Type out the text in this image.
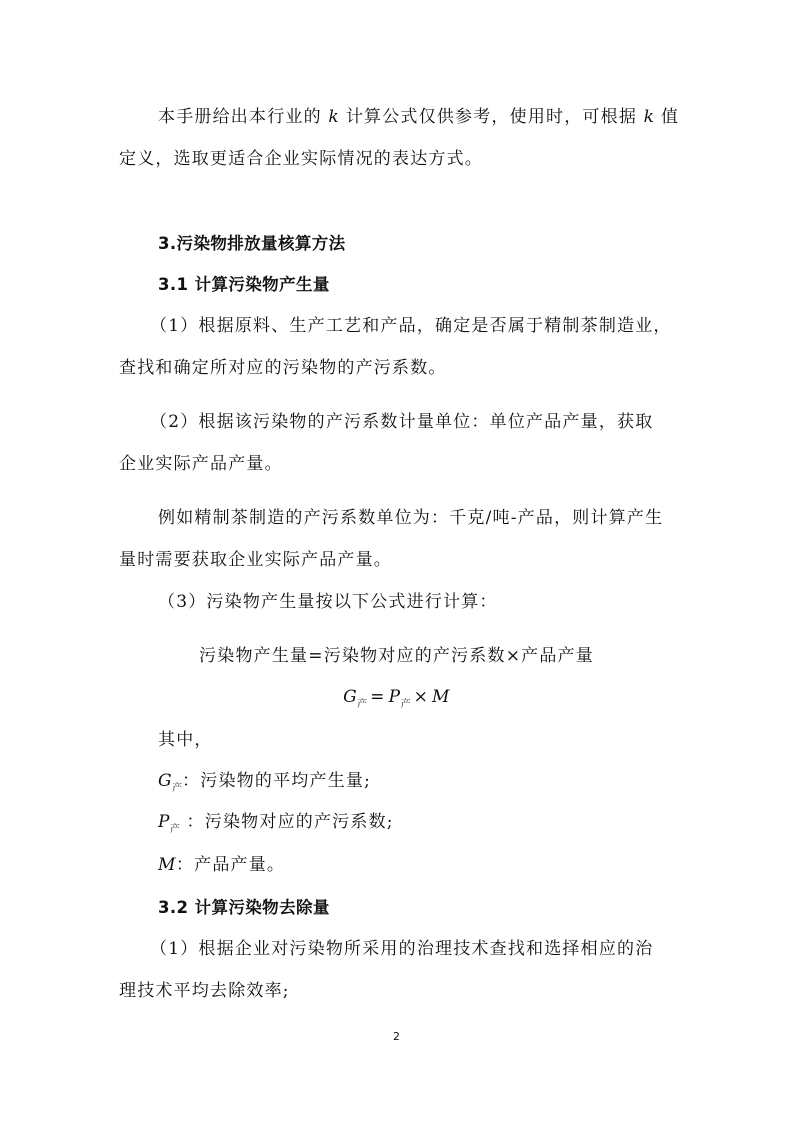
本手册给出本行业的 k 计算公式仅供参考，使用时，可根据 k 值
定义，选取更适合企业实际情况的表达方式。
3.污染物排放量核算方法
3.1 计算污染物产生量
（1）根据原料、生产工艺和产品，确定是否属于精制茶制造业，
查找和确定所对应的污染物的产污系数。
（2）根据该污染物的产污系数计量单位：单位产品产量，获取
企业实际产品产量。
例如精制茶制造的产污系数单位为：千克/吨-产品，则计算产生
量时需要获取企业实际产品产量。
（3）污染物产生量按以下公式进行计算：
污染物产生量=污染物对应的产污系数×产品产量
$G_产 = P_产 \times M$
其中，
$G_产$：污染物的平均产生量;
$P_产$ ：污染物对应的产污系数;
M：产品产量。
3.2 计算污染物去除量
（1）根据企业对污染物所采用的治理技术查找和选择相应的治
理技术平均去除效率;
2
